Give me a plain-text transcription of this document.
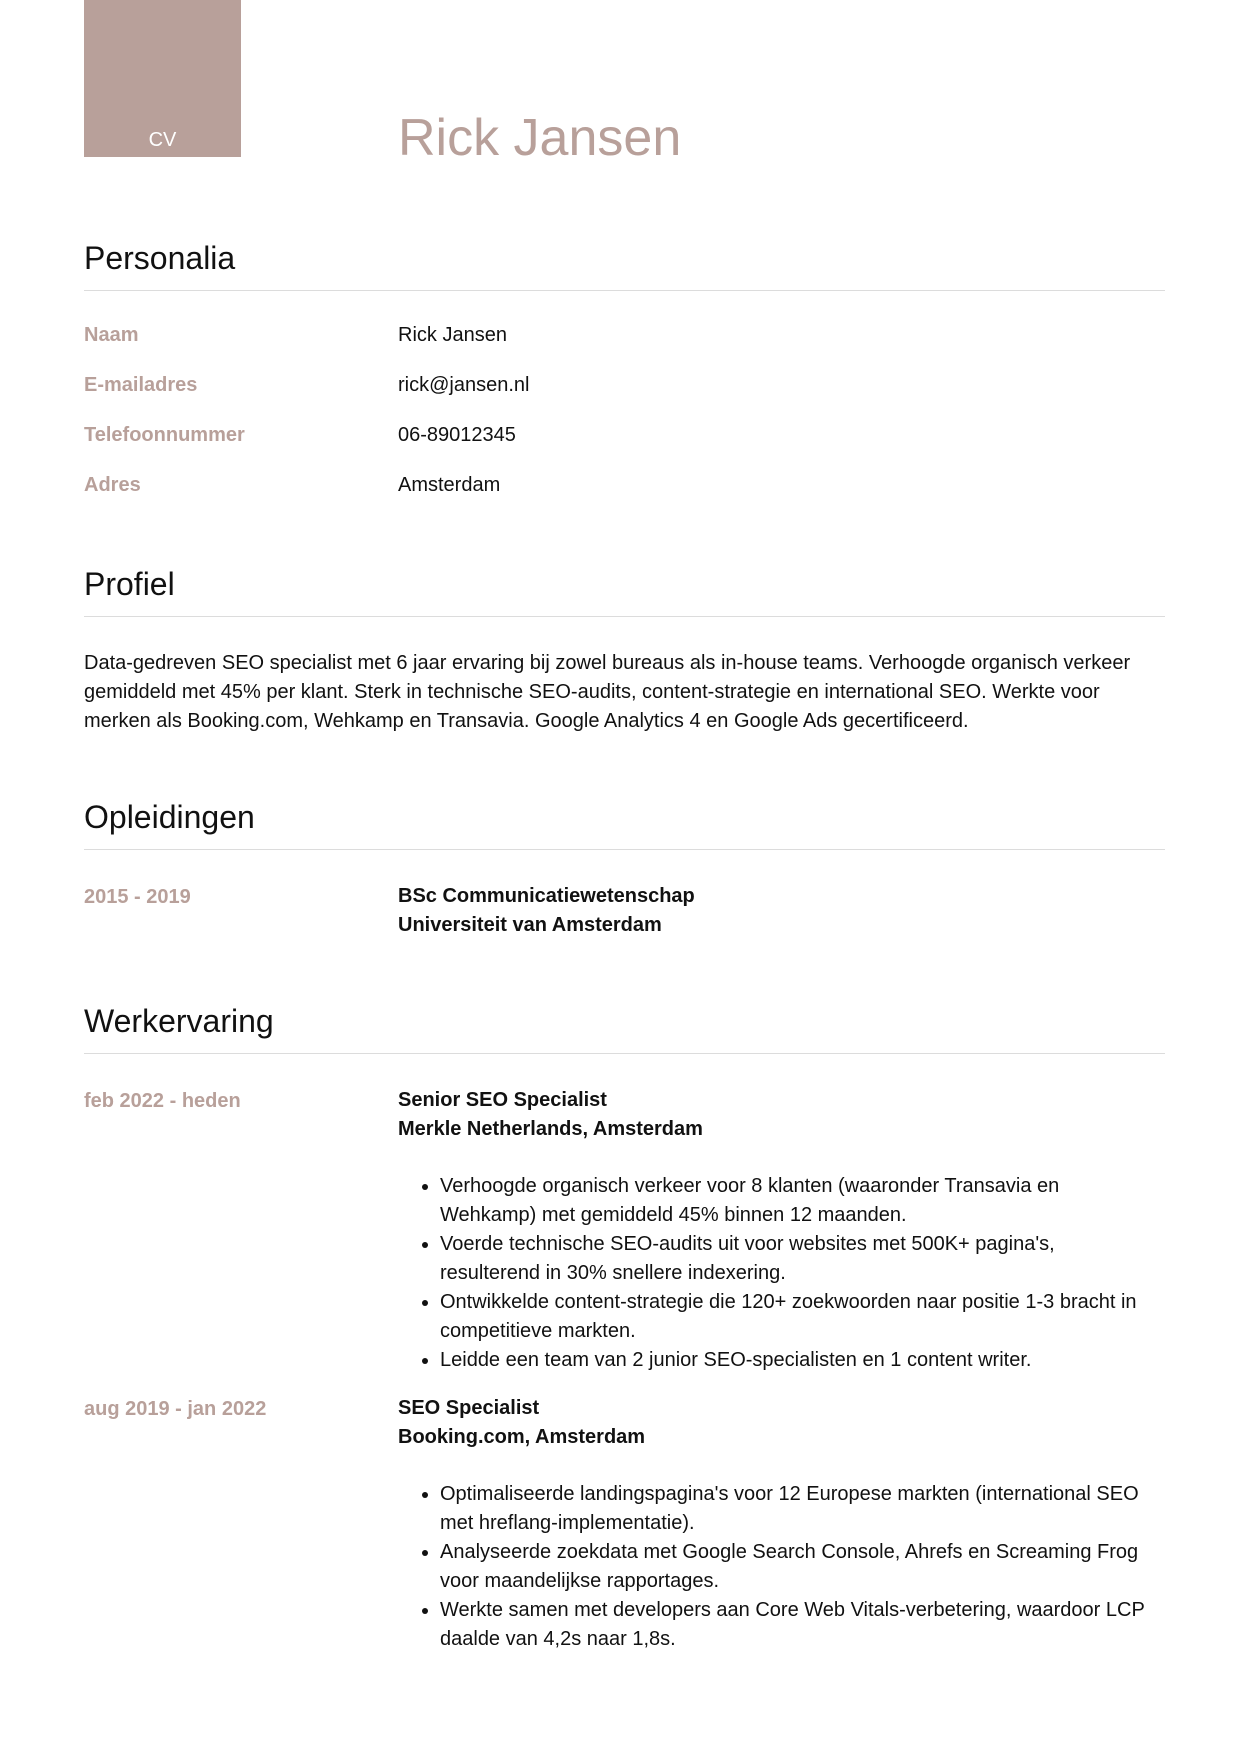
CV	Rick Jansen
Personalia
Naam	Rick Jansen
E-mailadres	rick@jansen.nl
Telefoonnummer	06-89012345
Adres	Amsterdam
Profiel

Data-gedreven SEO specialist met 6 jaar ervaring bij zowel bureaus als in-house teams. Verhoogde organisch verkeer gemiddeld met 45% per klant. Sterk in technische SEO-audits, content-strategie en international SEO. Werkte voor merken als Booking.com, Wehkamp en Transavia. Google Analytics 4 en Google Ads gecertificeerd.

Opleidingen
2015 - 2019	BSc Communicatiewetenschap
Universiteit van Amsterdam
Werkervaring
feb 2022 - heden	Senior SEO Specialist
Merkle Netherlands, Amsterdam
• Verhoogde organisch verkeer voor 8 klanten (waaronder Transavia en Wehkamp) met gemiddeld 45% binnen 12 maanden.
• Voerde technische SEO-audits uit voor websites met 500K+ pagina's, resulterend in 30% snellere indexering.
• Ontwikkelde content-strategie die 120+ zoekwoorden naar positie 1-3 bracht in competitieve markten.
• Leidde een team van 2 junior SEO-specialisten en 1 content writer.
aug 2019 - jan 2022	SEO Specialist
Booking.com, Amsterdam
• Optimaliseerde landingspagina's voor 12 Europese markten (international SEO met hreflang-implementatie).
• Analyseerde zoekdata met Google Search Console, Ahrefs en Screaming Frog voor maandelijkse rapportages.
• Werkte samen met developers aan Core Web Vitals-verbetering, waardoor LCP daalde van 4,2s naar 1,8s.
